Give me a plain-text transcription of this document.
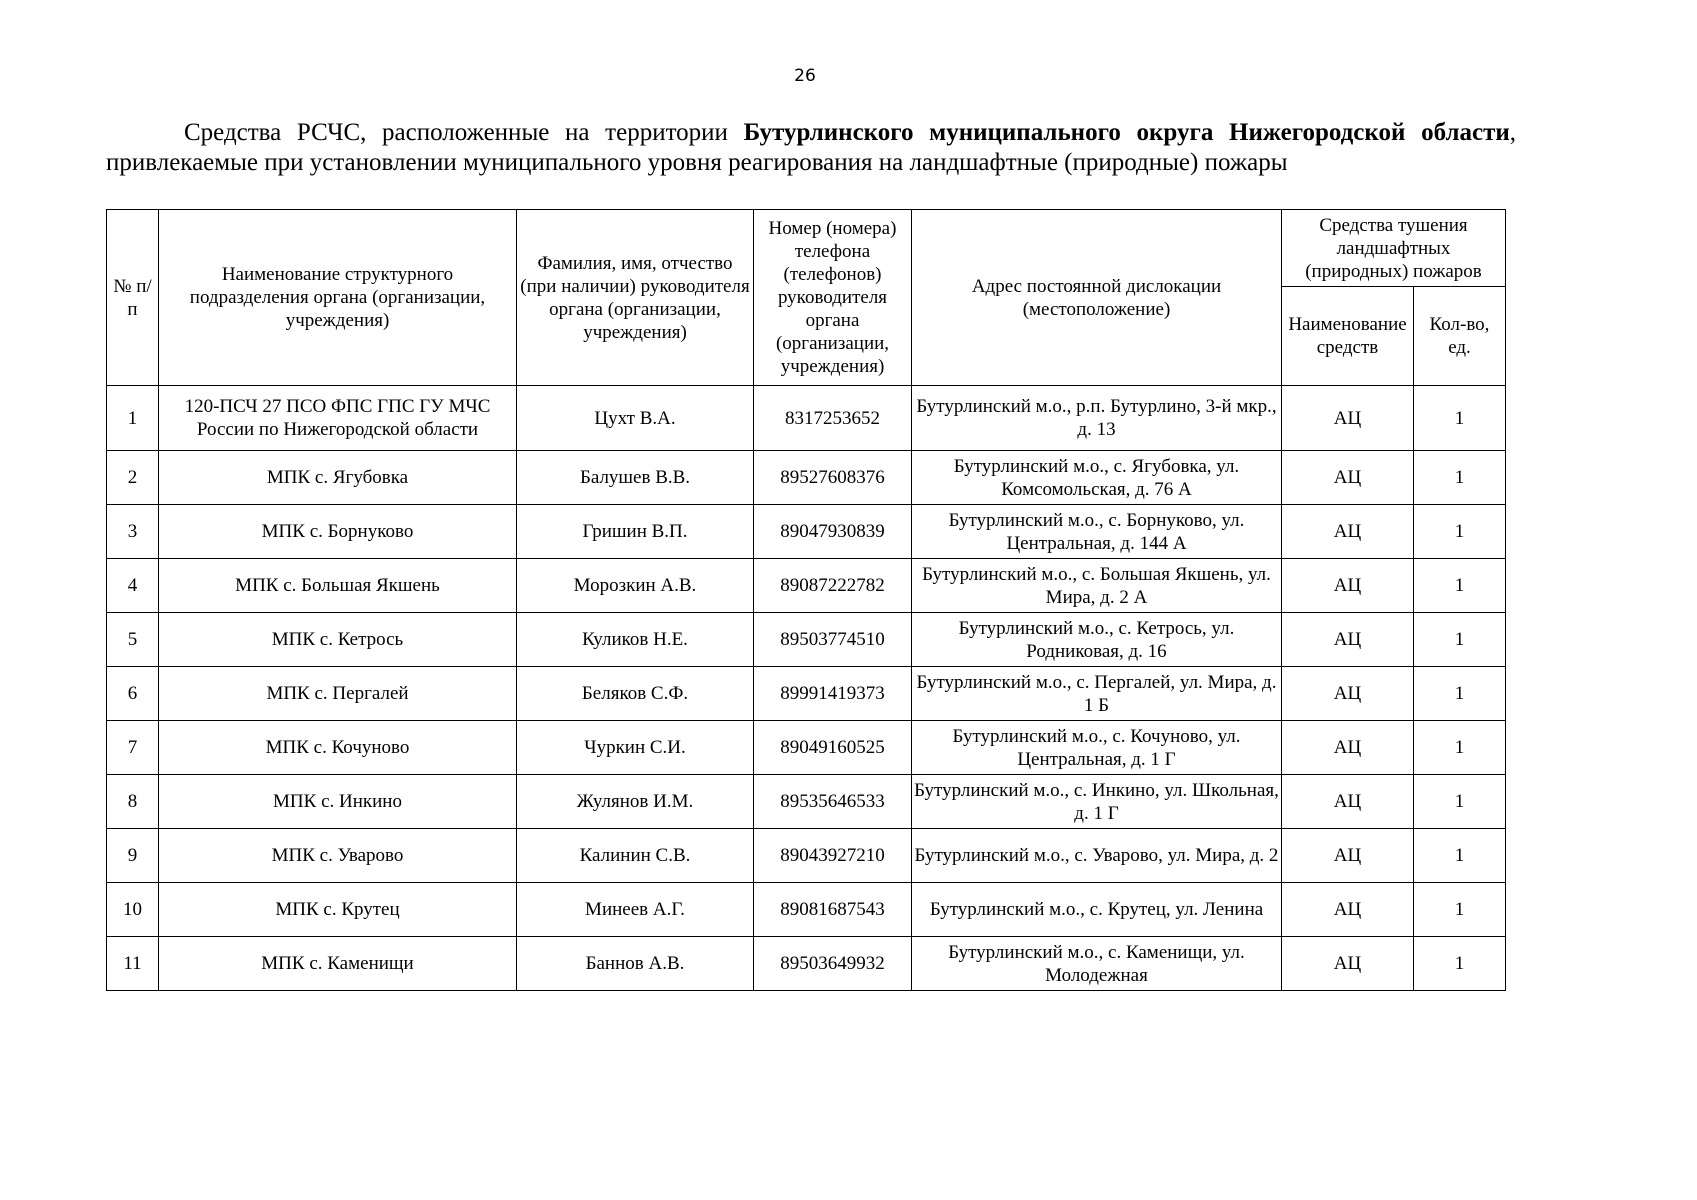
26

Средства РСЧС, расположенные на территории Бутурлинского муниципального округа Нижегородской области, привлекаемые при установлении муниципального уровня реагирования на ландшафтные (природные) пожары

№ п/п	Наименование структурного подразделения органа (организации, учреждения)	Фамилия, имя, отчество (при наличии) руководителя органа (организации, учреждения)	Номер (номера) телефона (телефонов) руководителя органа (организации, учреждения)	Адрес постоянной дислокации (местоположение)	Средства тушения ландшафтных (природных) пожаров	
					Наименование средств	Кол-во, ед.
1	120-ПСЧ 27 ПСО ФПС ГПС ГУ МЧС России по Нижегородской области	Цухт В.А.	8317253652	Бутурлинский м.о., р.п. Бутурлино, 3-й мкр., д. 13	АЦ	1
2	МПК с. Ягубовка	Балушев В.В.	89527608376	Бутурлинский м.о., с. Ягубовка, ул. Комсомольская, д. 76 А	АЦ	1
3	МПК с. Борнуково	Гришин В.П.	89047930839	Бутурлинский м.о., с. Борнуково, ул. Центральная, д. 144 А	АЦ	1
4	МПК с. Большая Якшень	Морозкин А.В.	89087222782	Бутурлинский м.о., с. Большая Якшень, ул. Мира, д. 2 А	АЦ	1
5	МПК с. Кетрось	Куликов Н.Е.	89503774510	Бутурлинский м.о., с. Кетрось, ул. Родниковая, д. 16	АЦ	1
6	МПК с. Пергалей	Беляков С.Ф.	89991419373	Бутурлинский м.о., с. Пергалей, ул. Мира, д. 1 Б	АЦ	1
7	МПК с. Кочуново	Чуркин С.И.	89049160525	Бутурлинский м.о., с. Кочуново, ул. Центральная, д. 1 Г	АЦ	1
8	МПК с. Инкино	Жулянов И.М.	89535646533	Бутурлинский м.о., с. Инкино, ул. Школьная, д. 1 Г	АЦ	1
9	МПК с. Уварово	Калинин С.В.	89043927210	Бутурлинский м.о., с. Уварово, ул. Мира, д. 2	АЦ	1
10	МПК с. Крутец	Минеев А.Г.	89081687543	Бутурлинский м.о., с. Крутец, ул. Ленина	АЦ	1
11	МПК с. Каменищи	Баннов А.В.	89503649932	Бутурлинский м.о., с. Каменищи, ул. Молодежная	АЦ	1
